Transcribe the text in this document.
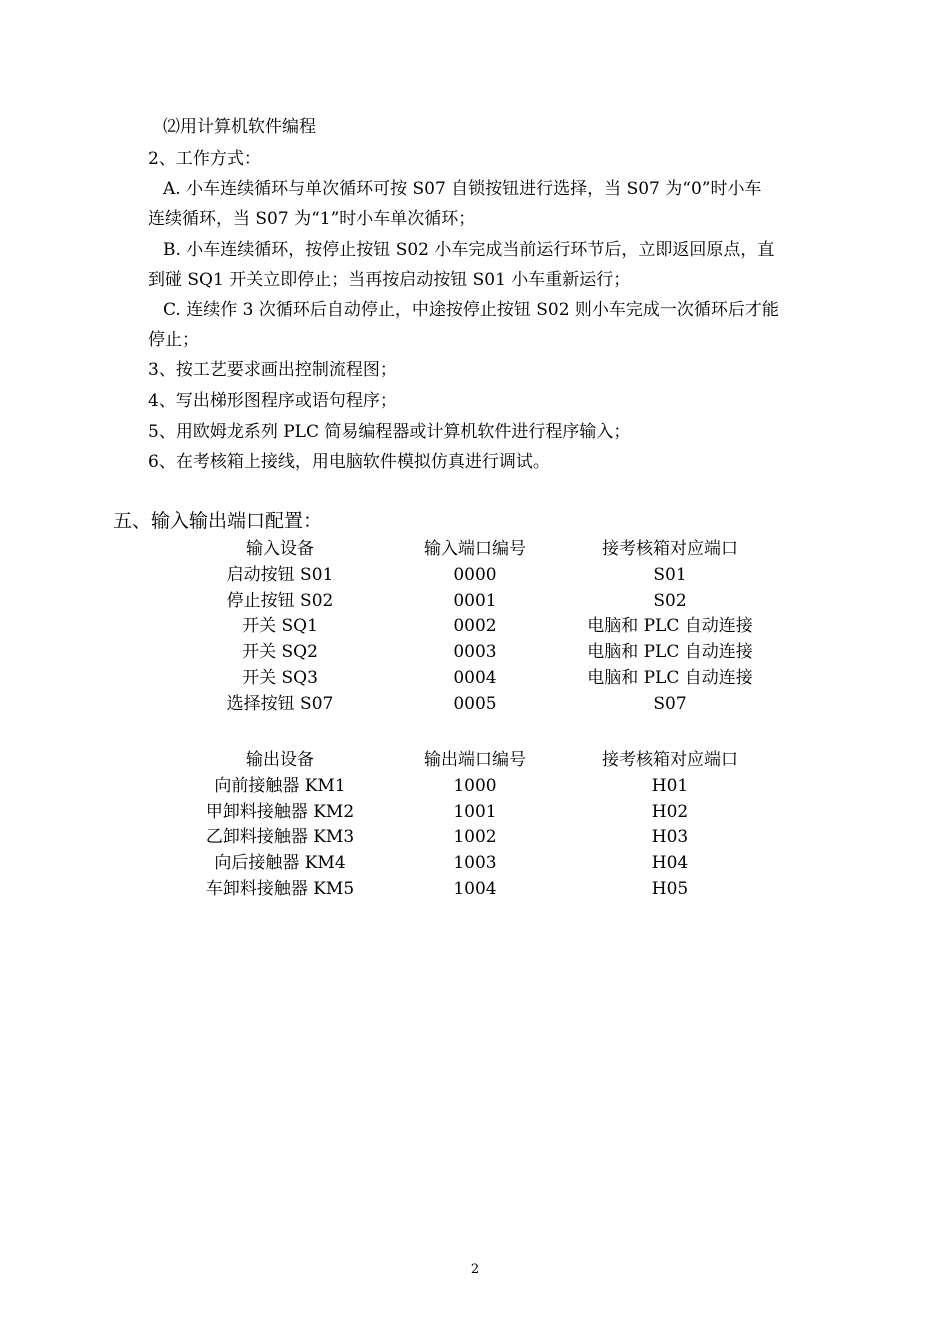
⑵用计算机软件编程
2、工作方式：
A. 小车连续循环与单次循环可按 S07 自锁按钮进行选择，当 S07 为“0”时小车
连续循环，当 S07 为“1”时小车单次循环；
B. 小车连续循环，按停止按钮 S02 小车完成当前运行环节后，立即返回原点，直
到碰 SQ1 开关立即停止；当再按启动按钮 S01 小车重新运行；
C. 连续作 3 次循环后自动停止，中途按停止按钮 S02 则小车完成一次循环后才能
停止；
3、按工艺要求画出控制流程图；
4、写出梯形图程序或语句程序；
5、用欧姆龙系列 PLC 简易编程器或计算机软件进行程序输入；
6、在考核箱上接线，用电脑软件模拟仿真进行调试。
五、输入输出端口配置：
输入设备	输入端口编号	接考核箱对应端口
启动按钮 S01	0000	S01
停止按钮 S02	0001	S02
开关 SQ1	0002	电脑和 PLC 自动连接
开关 SQ2	0003	电脑和 PLC 自动连接
开关 SQ3	0004	电脑和 PLC 自动连接
选择按钮 S07	0005	S07
输出设备	输出端口编号	接考核箱对应端口
向前接触器 KM1	1000	H01
甲卸料接触器 KM2	1001	H02
乙卸料接触器 KM3	1002	H03
向后接触器 KM4	1003	H04
车卸料接触器 KM5	1004	H05
2
